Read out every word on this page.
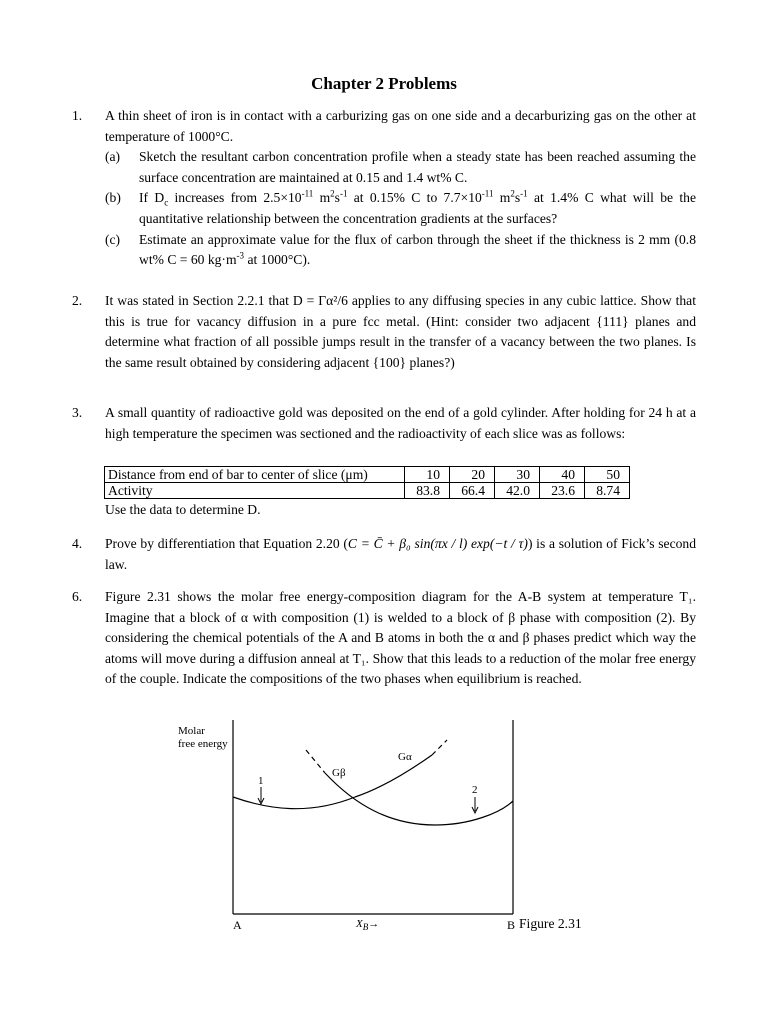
Chapter 2 Problems
1. A thin sheet of iron is in contact with a carburizing gas on one side and a decarburizing gas on the other at temperature of 1000°C.
(a) Sketch the resultant carbon concentration profile when a steady state has been reached assuming the surface concentration are maintained at 0.15 and 1.4 wt% C.
(b) If $D_c$ increases from $2.5\times 10^{-11}$ $m^2s^{-1}$ at 0.15% C to $7.7\times 10^{-11}$ $m^2s^{-1}$ at 1.4% C what will be the quantitative relationship between the concentration gradients at the surfaces?
(c) Estimate an approximate value for the flux of carbon through the sheet if the thickness is 2 mm (0.8 wt% C = 60 $kg\cdot m^{-3}$ at 1000°C).
2. It was stated in Section 2.2.1 that D = Γα²/6 applies to any diffusing species in any cubic lattice. Show that this is true for vacancy diffusion in a pure fcc metal. (Hint: consider two adjacent {111} planes and determine what fraction of all possible jumps result in the transfer of a vacancy between the two planes. Is the same result obtained by considering adjacent {100} planes?)
3. A small quantity of radioactive gold was deposited on the end of a gold cylinder. After holding for 24 h at a high temperature the specimen was sectioned and the radioactivity of each slice was as follows:
Distance from end of bar to center of slice (μm)	10	20	30	40	50
Activity	83.8	66.4	42.0	23.6	8.74
Use the data to determine D.
4. Prove by differentiation that Equation 2.20 (C = C̄ + β₀ sin(πx / l) exp(−t / τ)) is a solution of Fick’s second law.
6. Figure 2.31 shows the molar free energy-composition diagram for the A-B system at temperature T₁. Imagine that a block of α with composition (1) is welded to a block of β phase with composition (2). By considering the chemical potentials of the A and B atoms in both the α and β phases predict which way the atoms will move during a diffusion anneal at T₁. Show that this leads to a reduction of the molar free energy of the couple. Indicate the compositions of the two phases when equilibrium is reached.
Molar
free energy
Gβ
Gα
1
2
A	$X_B\to$	B Figure 2.31
